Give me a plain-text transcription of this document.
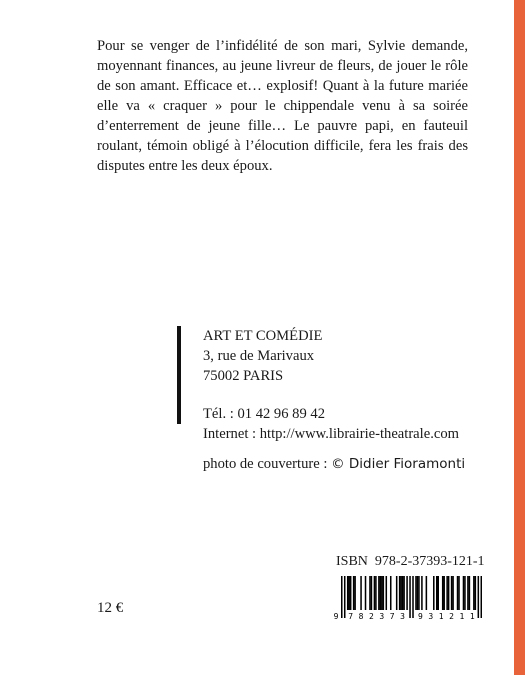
Pour se venger de l’infidélité de son mari, Sylvie demande, moyennant finances, au jeune livreur de fleurs, de jouer le rôle de son amant. Efficace et… explosif! Quant à la future mariée elle va « craquer » pour le chippendale venu à sa soirée d’enterrement de jeune fille… Le pauvre papi, en fauteuil roulant, témoin obligé à l’élocution difficile, fera les frais des disputes entre les deux époux.

ART ET COMÉDIE
3, rue de Marivaux
75002 PARIS
Tél. : 01 42 96 89 42
Internet : http://www.librairie-theatrale.com
photo de couverture : © Didier Fioramonti
ISBN 978-2-37393-121-1
9 7 8 2 3 7 3 9 3 1 2 1 1
12 €
